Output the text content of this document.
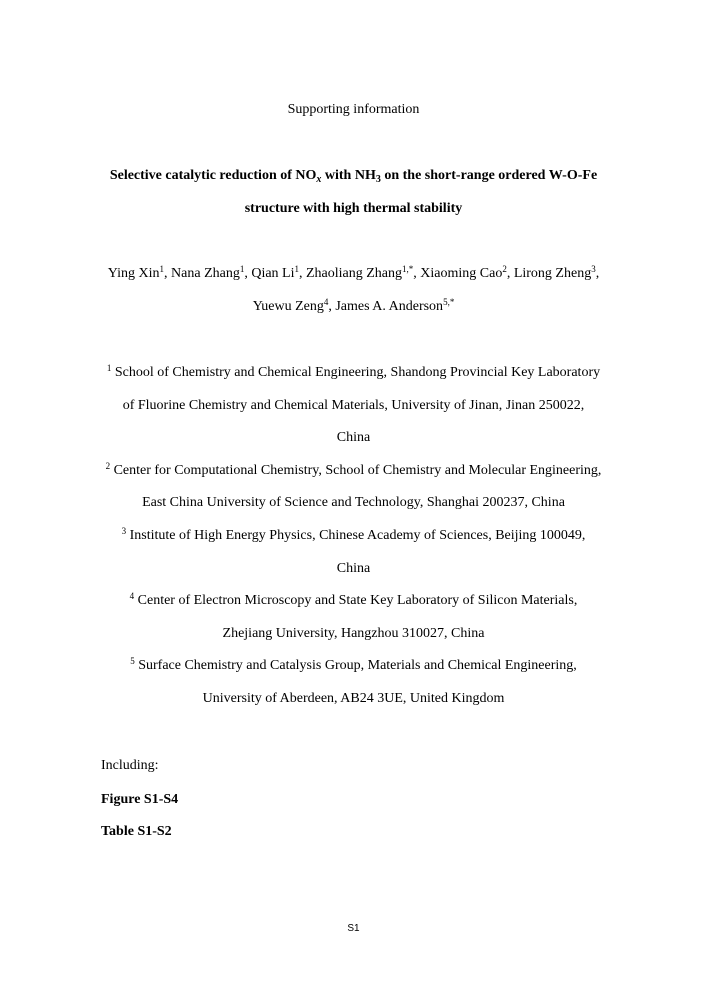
Supporting information
Selective catalytic reduction of $NO_x$ with $NH_3$ on the short-range ordered W-O-Fe
structure with high thermal stability
Ying Xin$^1$, Nana Zhang$^1$, Qian Li$^1$, Zhaoliang Zhang$^{1,*}$, Xiaoming Cao$^2$, Lirong Zheng$^3$,
Yuewu Zeng$^4$, James A. Anderson$^{5,*}$
$^1$ School of Chemistry and Chemical Engineering, Shandong Provincial Key Laboratory
of Fluorine Chemistry and Chemical Materials, University of Jinan, Jinan 250022,
China
$^2$ Center for Computational Chemistry, School of Chemistry and Molecular Engineering,
East China University of Science and Technology, Shanghai 200237, China
$^3$ Institute of High Energy Physics, Chinese Academy of Sciences, Beijing 100049,
China
$^4$ Center of Electron Microscopy and State Key Laboratory of Silicon Materials,
Zhejiang University, Hangzhou 310027, China
$^5$ Surface Chemistry and Catalysis Group, Materials and Chemical Engineering,
University of Aberdeen, AB24 3UE, United Kingdom
Including:
Figure S1-S4
Table S1-S2
S1
